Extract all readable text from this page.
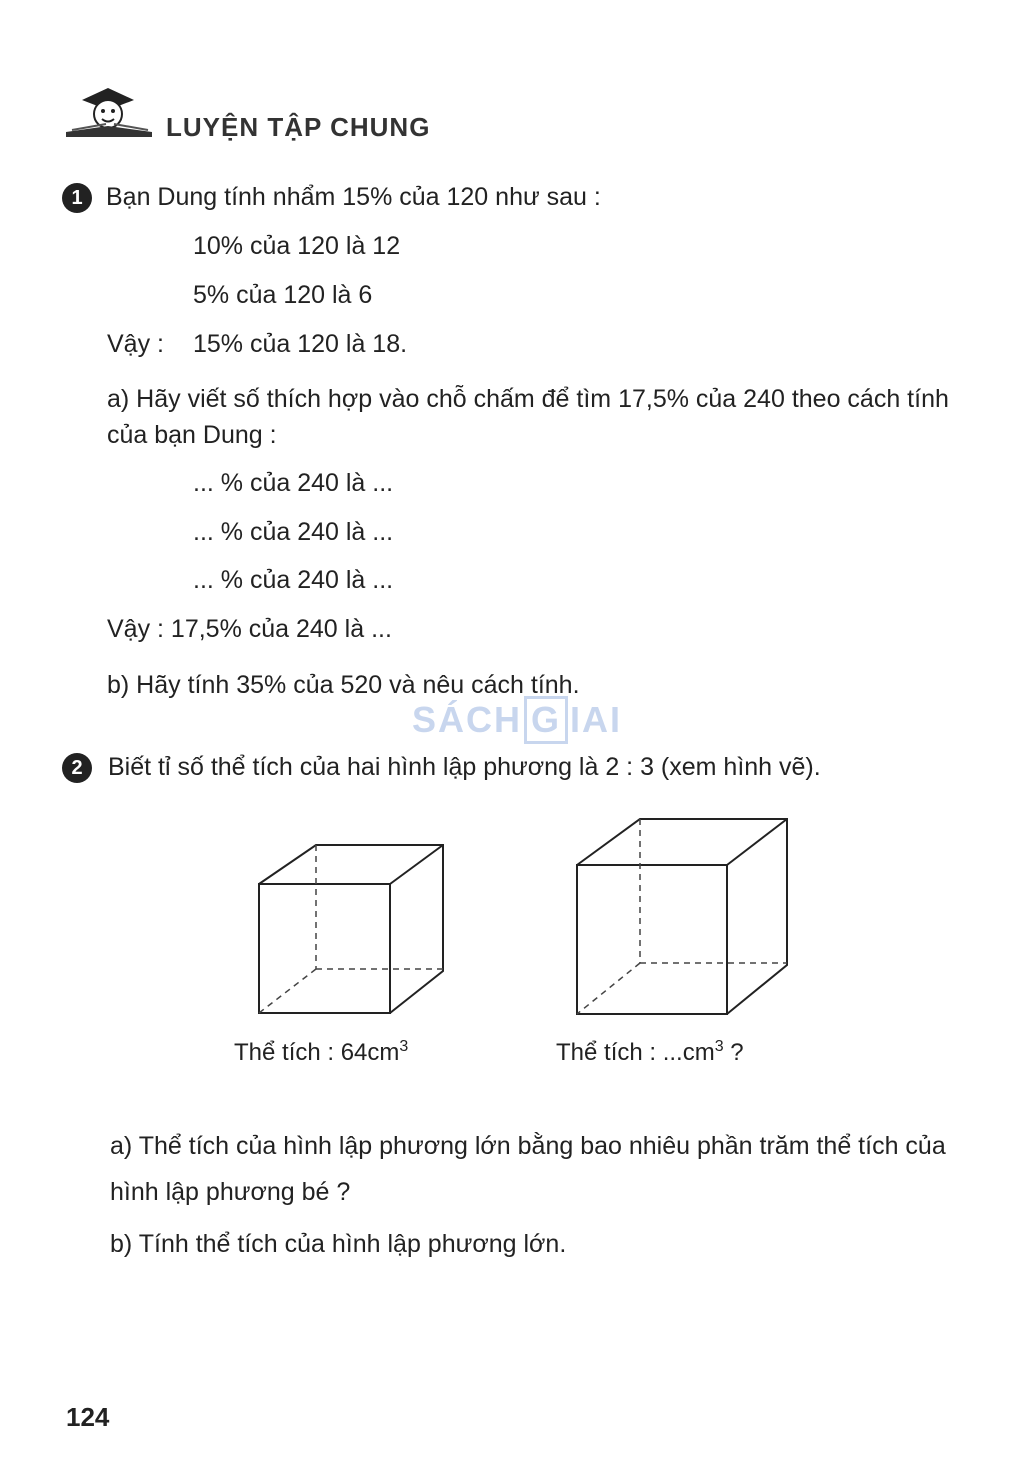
LUYỆN TẬP CHUNG
1 Bạn Dung tính nhẩm 15% của 120 như sau :
10% của 120 là 12
5% của 120 là 6
Vậy : 15% của 120 là 18.
a) Hãy viết số thích hợp vào chỗ chấm để tìm 17,5% của 240 theo cách tính
của bạn Dung :
... % của 240 là ...
... % của 240 là ...
... % của 240 là ...
Vậy : 17,5% của 240 là ...
b) Hãy tính 35% của 520 và nêu cách tính.
SÁCH G IAI
2	Biết tỉ số thể tích của hai hình lập phương là 2 : 3 (xem hình vẽ).
Thể tích : $64cm^3$	Thể tích : $...cm^3$ ?
a) Thể tích của hình lập phương lớn bằng bao nhiêu phần trăm thể tích của
hình lập phương bé ?
b) Tính thể tích của hình lập phương lớn.
124
